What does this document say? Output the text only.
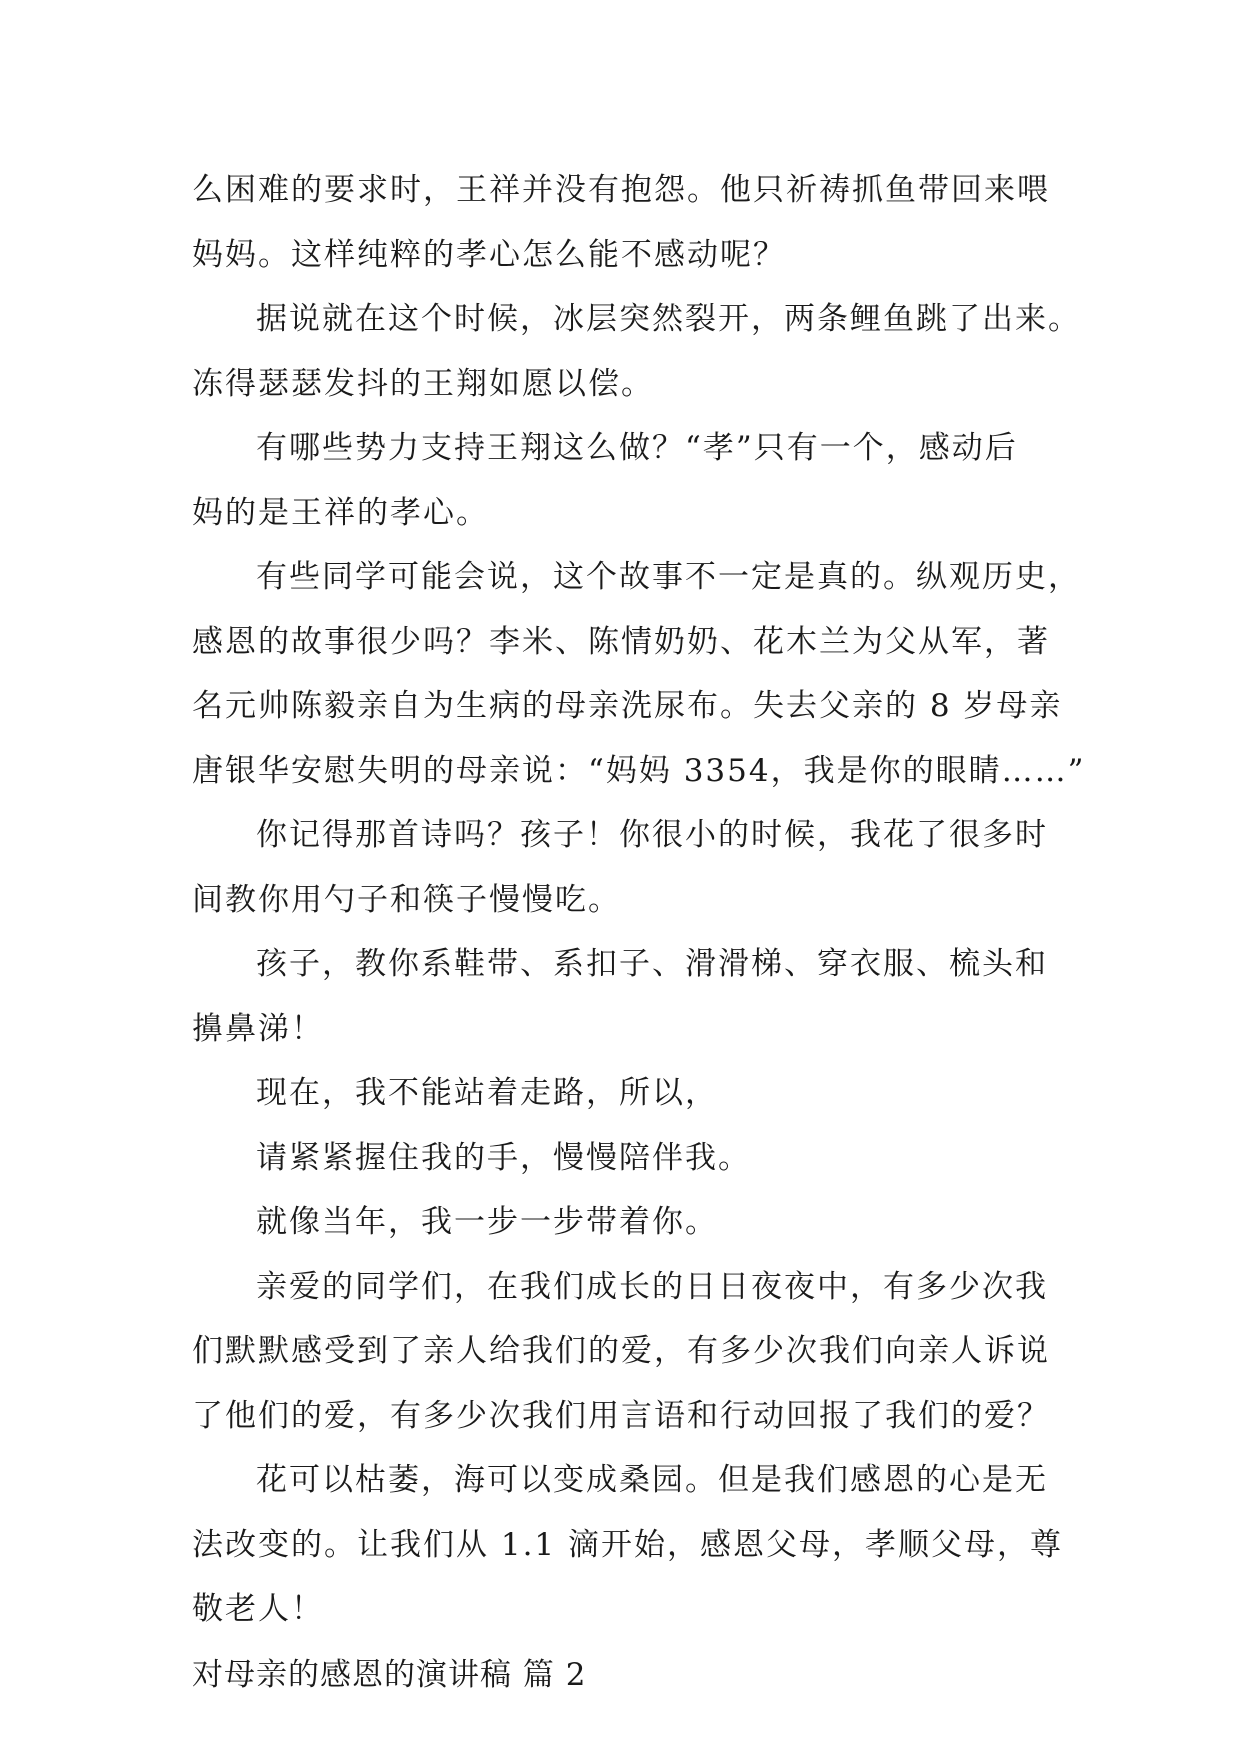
么困难的要求时，王祥并没有抱怨。他只祈祷抓鱼带回来喂
妈妈。这样纯粹的孝心怎么能不感动呢？
据说就在这个时候，冰层突然裂开，两条鲤鱼跳了出来。
冻得瑟瑟发抖的王翔如愿以偿。
有哪些势力支持王翔这么做？“孝”只有一个，感动后
妈的是王祥的孝心。
有些同学可能会说，这个故事不一定是真的。纵观历史，
感恩的故事很少吗？李米、陈情奶奶、花木兰为父从军，著
名元帅陈毅亲自为生病的母亲洗尿布。失去父亲的 8 岁母亲
唐银华安慰失明的母亲说：“妈妈 3354，我是你的眼睛……”
你记得那首诗吗？孩子！你很小的时候，我花了很多时
间教你用勺子和筷子慢慢吃。
孩子，教你系鞋带、系扣子、滑滑梯、穿衣服、梳头和
擤鼻涕！
现在，我不能站着走路，所以，
请紧紧握住我的手，慢慢陪伴我。
就像当年，我一步一步带着你。
亲爱的同学们，在我们成长的日日夜夜中，有多少次我
们默默感受到了亲人给我们的爱，有多少次我们向亲人诉说
了他们的爱，有多少次我们用言语和行动回报了我们的爱？
花可以枯萎，海可以变成桑园。但是我们感恩的心是无
法改变的。让我们从 1.1 滴开始，感恩父母，孝顺父母，尊
敬老人！
对母亲的感恩的演讲稿 篇 2
